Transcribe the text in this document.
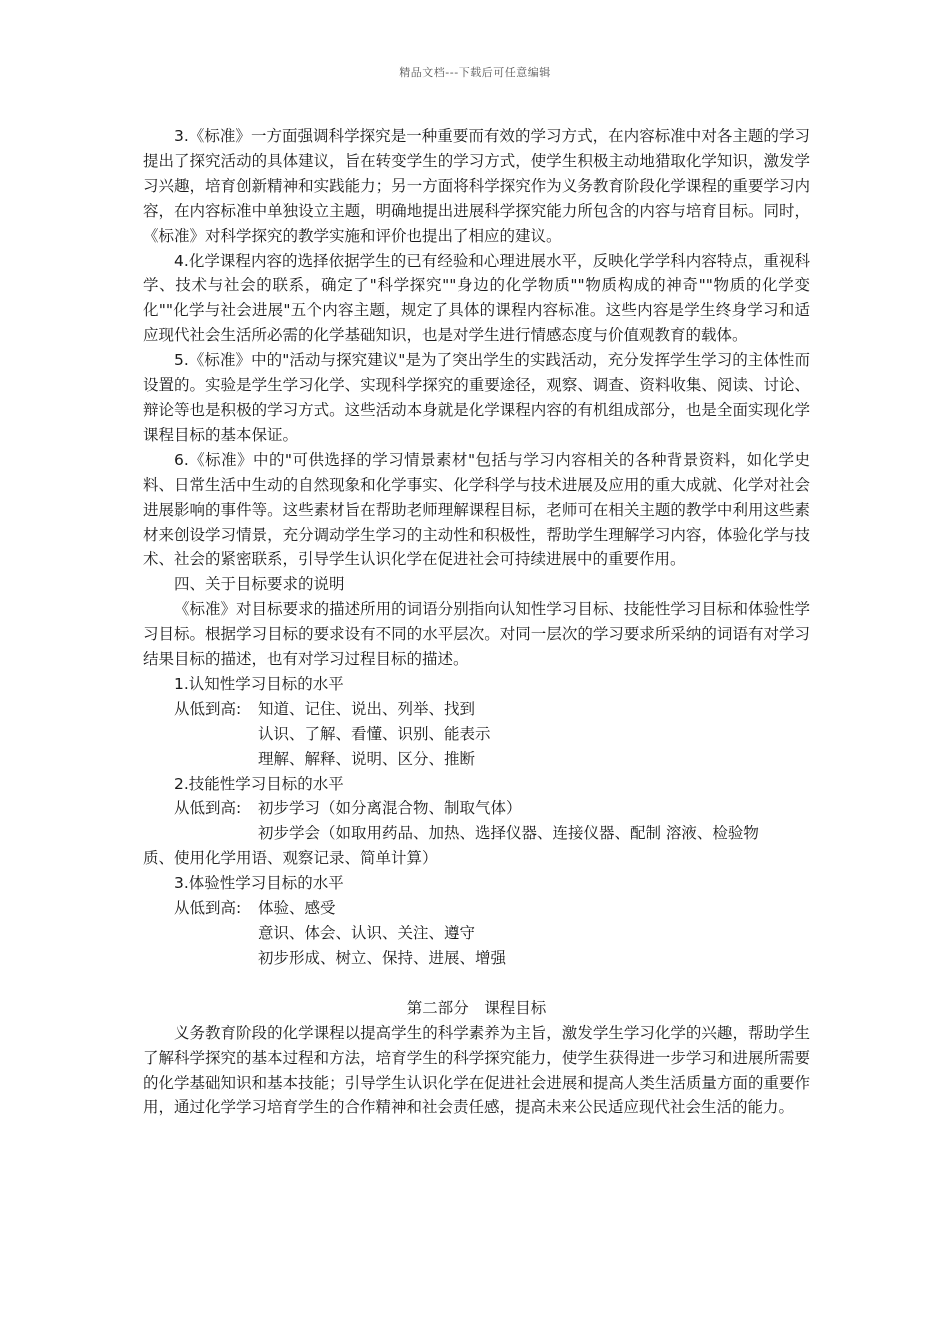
精品文档---下载后可任意编辑

3.《标准》一方面强调科学探究是一种重要而有效的学习方式，在内容标准中对各主题的学习提出了探究活动的具体建议，旨在转变学生的学习方式，使学生积极主动地猎取化学知识，激发学习兴趣，培育创新精神和实践能力；另一方面将科学探究作为义务教育阶段化学课程的重要学习内容，在内容标准中单独设立主题，明确地提出进展科学探究能力所包含的内容与培育目标。同时，《标准》对科学探究的教学实施和评价也提出了相应的建议。

4.化学课程内容的选择依据学生的已有经验和心理进展水平，反映化学学科内容特点，重视科学、技术与社会的联系，确定了"科学探究""身边的化学物质""物质构成的神奇""物质的化学变化""化学与社会进展"五个内容主题，规定了具体的课程内容标准。这些内容是学生终身学习和适应现代社会生活所必需的化学基础知识，也是对学生进行情感态度与价值观教育的载体。

5.《标准》中的"活动与探究建议"是为了突出学生的实践活动，充分发挥学生学习的主体性而设置的。实验是学生学习化学、实现科学探究的重要途径，观察、调查、资料收集、阅读、讨论、辩论等也是积极的学习方式。这些活动本身就是化学课程内容的有机组成部分，也是全面实现化学课程目标的基本保证。

6.《标准》中的"可供选择的学习情景素材"包括与学习内容相关的各种背景资料，如化学史料、日常生活中生动的自然现象和化学事实、化学科学与技术进展及应用的重大成就、化学对社会进展影响的事件等。这些素材旨在帮助老师理解课程目标，老师可在相关主题的教学中利用这些素材来创设学习情景，充分调动学生学习的主动性和积极性，帮助学生理解学习内容，体验化学与技术、社会的紧密联系，引导学生认识化学在促进社会可持续进展中的重要作用。

四、关于目标要求的说明

《标准》对目标要求的描述所用的词语分别指向认知性学习目标、技能性学习目标和体验性学习目标。根据学习目标的要求设有不同的水平层次。对同一层次的学习要求所采纳的词语有对学习结果目标的描述，也有对学习过程目标的描述。

1.认知性学习目标的水平

从低到高: 知道、记住、说出、列举、找到

认识、了解、看懂、识别、能表示

理解、解释、说明、区分、推断

2.技能性学习目标的水平

从低到高: 初步学习（如分离混合物、制取气体）

初步学会（如取用药品、加热、选择仪器、连接仪器、配制 溶液、检验物

质、使用化学用语、观察记录、简单计算）

3.体验性学习目标的水平

从低到高: 体验、感受

意识、体会、认识、关注、遵守

初步形成、树立、保持、进展、增强

第二部分　课程目标

义务教育阶段的化学课程以提高学生的科学素养为主旨，激发学生学习化学的兴趣，帮助学生了解科学探究的基本过程和方法，培育学生的科学探究能力，使学生获得进一步学习和进展所需要的化学基础知识和基本技能；引导学生认识化学在促进社会进展和提高人类生活质量方面的重要作用，通过化学学习培育学生的合作精神和社会责任感，提高未来公民适应现代社会生活的能力。
